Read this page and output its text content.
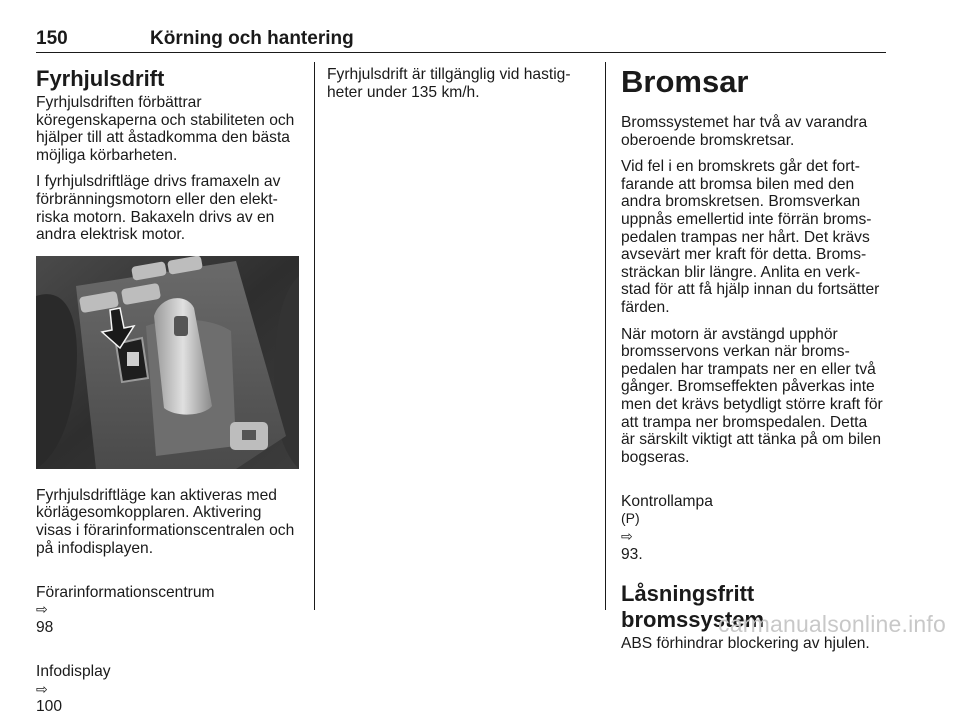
150	Körning och hantering
Fyrhjulsdrift

Fyrhjulsdriften förbättrar
köregenskaperna och stabiliteten och
hjälper till att åstadkomma den bästa
möjliga körbarheten.

I fyrhjulsdriftläge drivs framaxeln av
förbränningsmotorn eller den elekt-
riska motorn. Bakaxeln drivs av en
andra elektrisk motor.

Fyrhjulsdriftläge kan aktiveras med
körlägesomkopplaren. Aktivering
visas i förarinformationscentralen och
på infodisplayen.

Förarinformationscentrum
⇨
98

Infodisplay
⇨
100

Fyrhjulsdrift är tillgänglig vid hastig-
heter under 135 km/h.	Bromsar

Bromssystemet har två av varandra
oberoende bromskretsar.

Vid fel i en bromskrets går det fort-
farande att bromsa bilen med den
andra bromskretsen. Bromsverkan
uppnås emellertid inte förrän broms-
pedalen trampas ner hårt. Det krävs
avsevärt mer kraft för detta. Broms-
sträckan blir längre. Anlita en verk-
stad för att få hjälp innan du fortsätter
färden.

När motorn är avstängd upphör
bromsservons verkan när broms-
pedalen har trampats ner en eller två
gånger. Bromseffekten påverkas inte
men det krävs betydligt större kraft för
att trampa ner bromspedalen. Detta
är särskilt viktigt att tänka på om bilen
bogseras.

Kontrollampa
(P)
⇨
93.

Låsningsfritt bromssystem

ABS förhindrar blockering av hjulen.

carmanualsonline.info
